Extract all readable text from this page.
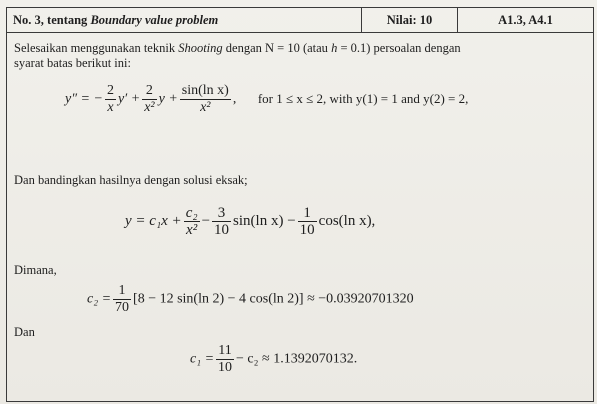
No. 3, tentang Boundary value problem	Nilai: 10	A1.3, A4.1

Selesaikan menggunakan teknik Shooting dengan N = 10 (atau h = 0.1) persoalan dengan
syarat batas berikut ini:
y″ = − $\frac{2}{x} y' + \frac{2}{\text{x²}}$ $y + \frac{\text{sin(ln x)}}{\text{x²}}$ , for 1 ≤ x ≤ 2, with y(1) = 1 and y(2) = 2,
Dan bandingkan hasilnya dengan solusi eksak;
$y = c_1x + \frac{\text{c₂}}{\text{x²}} - \frac{3}{10} \sin(\ln$ $x) - \frac{1}{10} \cos(\ln$ x),
Dimana,
$c_2 = \frac{1}{70} [8 - 12$ sin(ln 2) − 4 cos(ln 2)] ≈ −0.03920701320
Dan
$c_1 = \frac{11}{10} - c_2 \approx 1.1392070132$.
